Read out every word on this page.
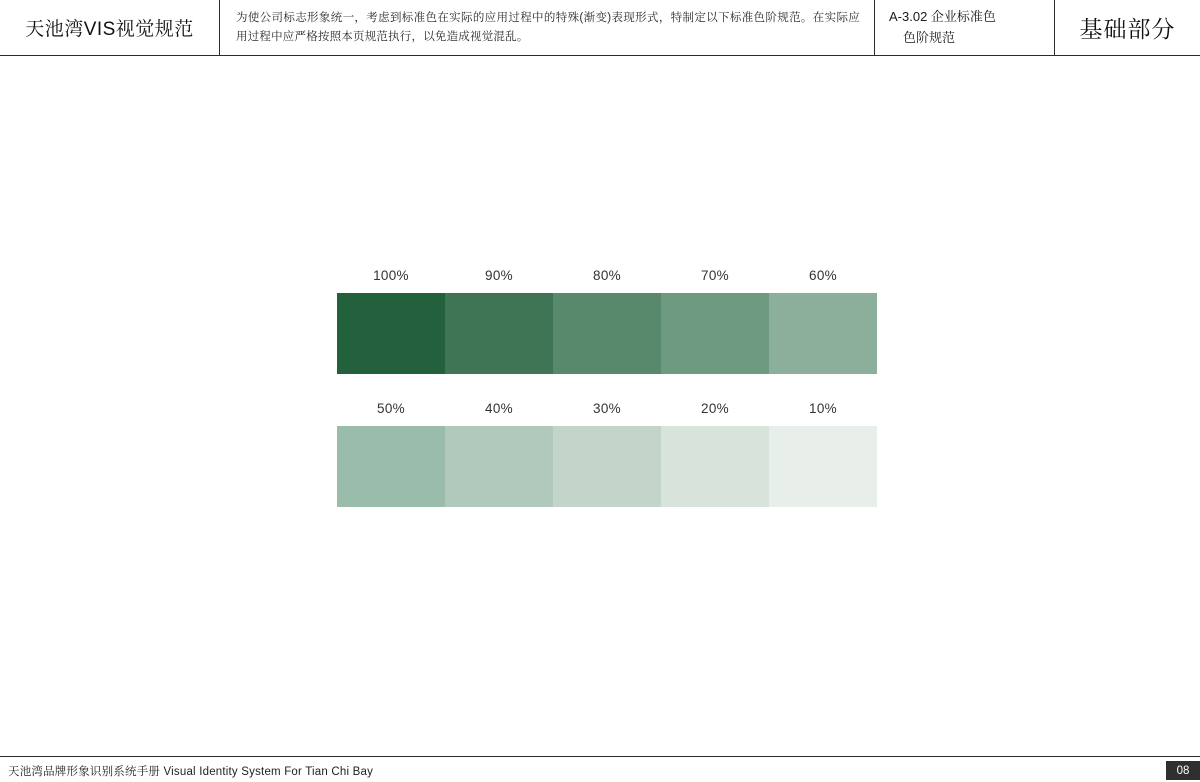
天池湾VIS视觉规范

为使公司标志形象统一，考虑到标准色在实际的应用过程中的特殊(渐变)表现形式，特制定以下标准色阶规范。在实际应用过程中应严格按照本页规范执行，以免造成视觉混乱。

A-3.02 企业标准色
色阶规范	基础部分
100%	90%	80%	70%	60%
50%	40%	30%	20%	10%
天池湾品牌形象识别系统手册 Visual Identity System For Tian Chi Bay	08
